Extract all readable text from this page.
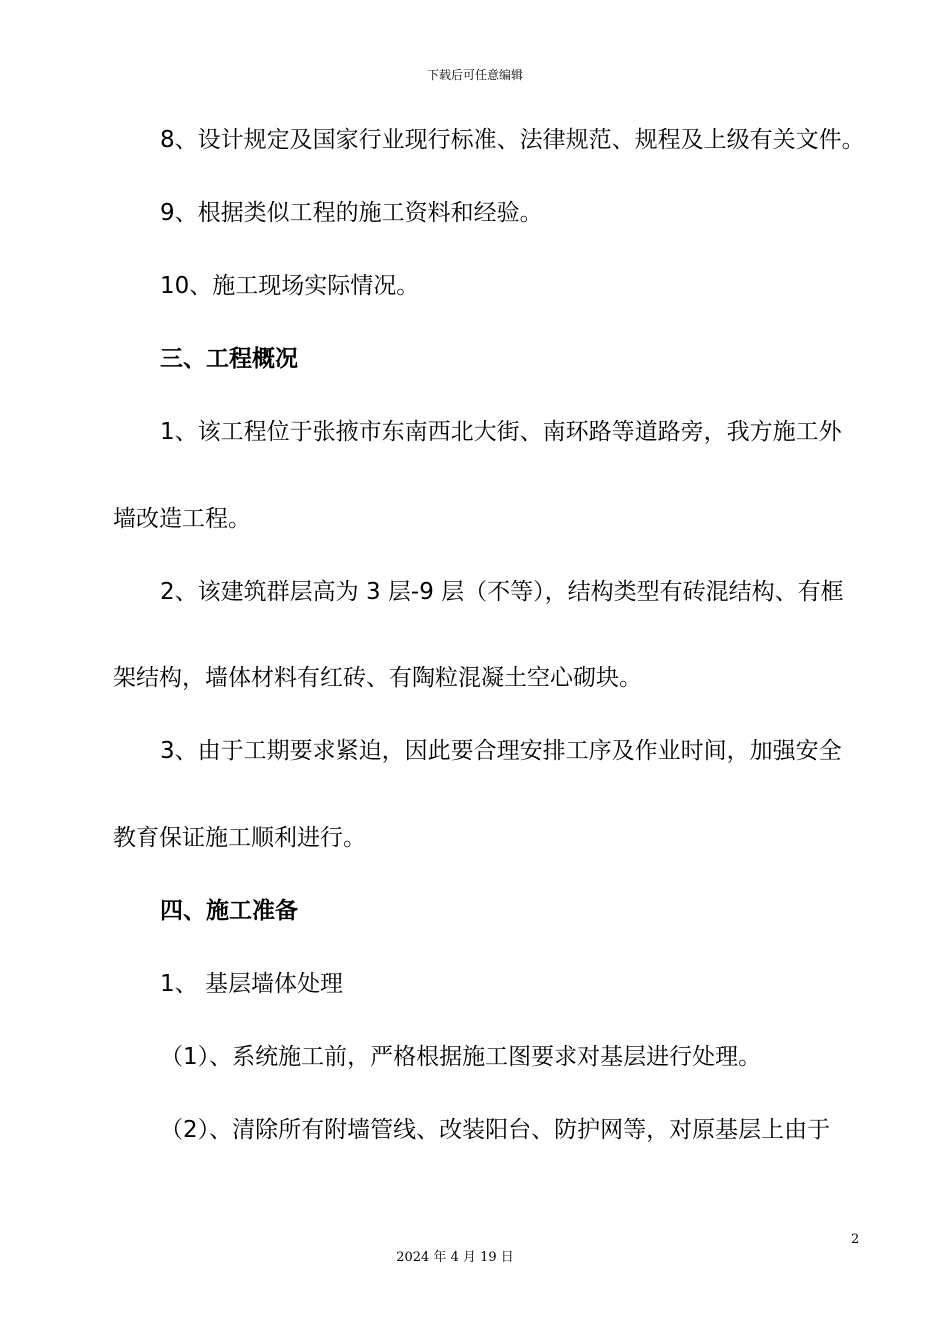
下载后可任意编辑
8、设计规定及国家行业现行标准、法律规范、规程及上级有关文件。
9、根据类似工程的施工资料和经验。
10、施工现场实际情况。
三、工程概况
1、该工程位于张掖市东南西北大街、南环路等道路旁，我方施工外
墙改造工程。
2、该建筑群层高为 3 层-9 层（不等），结构类型有砖混结构、有框
架结构，墙体材料有红砖、有陶粒混凝土空心砌块。
3、由于工期要求紧迫，因此要合理安排工序及作业时间，加强安全
教育保证施工顺利进行。
四、施工准备
1、 基层墙体处理
（1）、系统施工前，严格根据施工图要求对基层进行处理。
（2）、清除所有附墙管线、改装阳台、防护网等，对原基层上由于
2
2024 年 4 月 19 日
